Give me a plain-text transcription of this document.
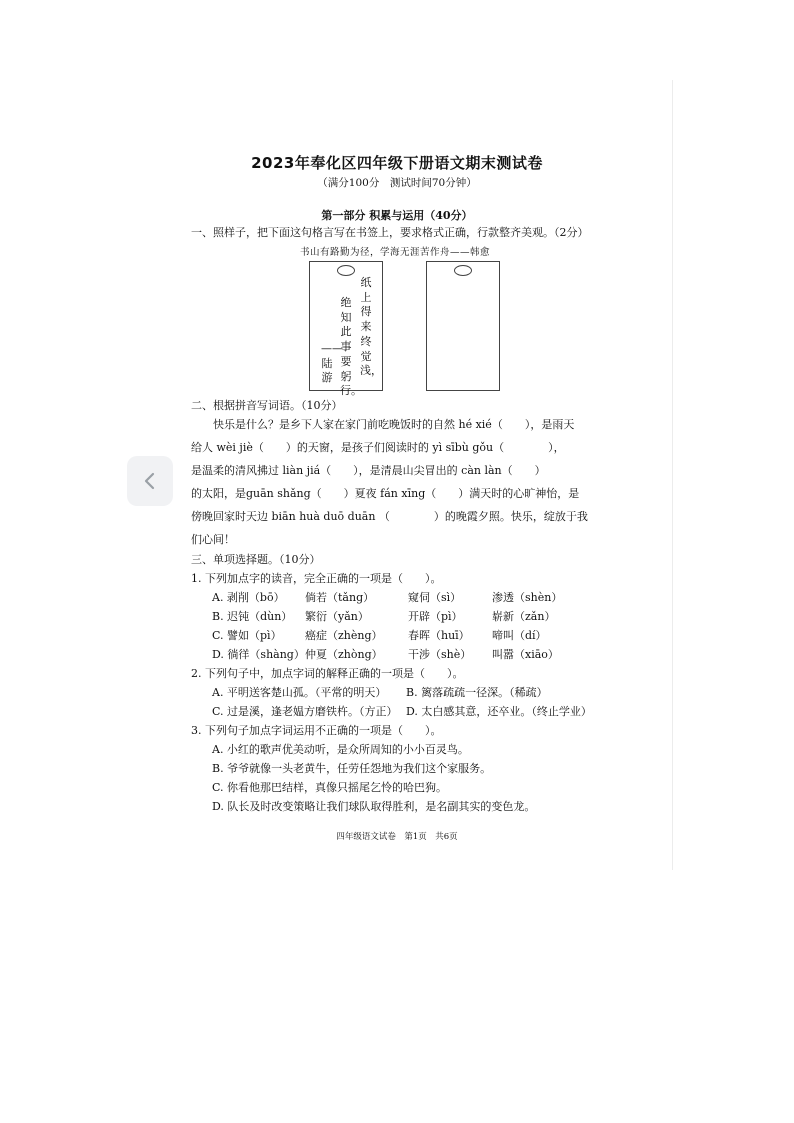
2023年奉化区四年级下册语文期末测试卷
（满分100分　测试时间70分钟）
第一部分 积累与运用（40分）
一、照样子，把下面这句格言写在书签上，要求格式正确，行款整齐美观。（2分）
书山有路勤为径，学海无涯苦作舟——韩愈
纸上得来终觉浅，
绝知此事要躬行。
——陆游
二、根据拼音写词语。（10分）
快乐是什么？是乡下人家在家门前吃晚饭时的自然 hé xié（　　），是雨天
给人 wèi jiè（　　）的天窗，是孩子们阅读时的 yì sībù gǒu（　　　　），
是温柔的清风拂过 liàn jiá（　　），是清晨山尖冒出的 càn làn（　　）
的太阳，是guān shǎng（　　）夏夜 fán xīng（　　）满天时的心旷神怡，是
傍晚回家时天边 biān huà duō duān （　　　　）的晚霞夕照。快乐，绽放于我
们心间！
三、单项选择题。（10分）
1. 下列加点字的读音，完全正确的一项是（　　）。
A. 剥削（bō） 倘若（tǎng）	窥伺（sì）	渗透（shèn）
B. 迟钝（dùn） 繁衍（yǎn）	开辟（pì）	崭新（zǎn）
C. 譬如（pì） 癌症（zhèng） 春晖（huī） 啼叫（dí）
D. 徜徉（shàng） 仲夏（zhòng） 干涉（shè） 叫嚣（xiāo）
2. 下列句子中，加点字词的解释正确的一项是（　　）。
A. 平明送客楚山孤。（平常的明天） B. 篱落疏疏一径深。（稀疏）
C. 过是溪，逢老媪方磨铁杵。（方正） D. 太白感其意，还卒业。（终止学业）
3. 下列句子加点字词运用不正确的一项是（　　）。
A. 小红的歌声优美动听，是众所周知的小小百灵鸟。
B. 爷爷就像一头老黄牛，任劳任怨地为我们这个家服务。
C. 你看他那巴结样，真像只摇尾乞怜的哈巴狗。
D. 队长及时改变策略让我们球队取得胜利，是名副其实的变色龙。
四年级语文试卷　第1页　共6页
